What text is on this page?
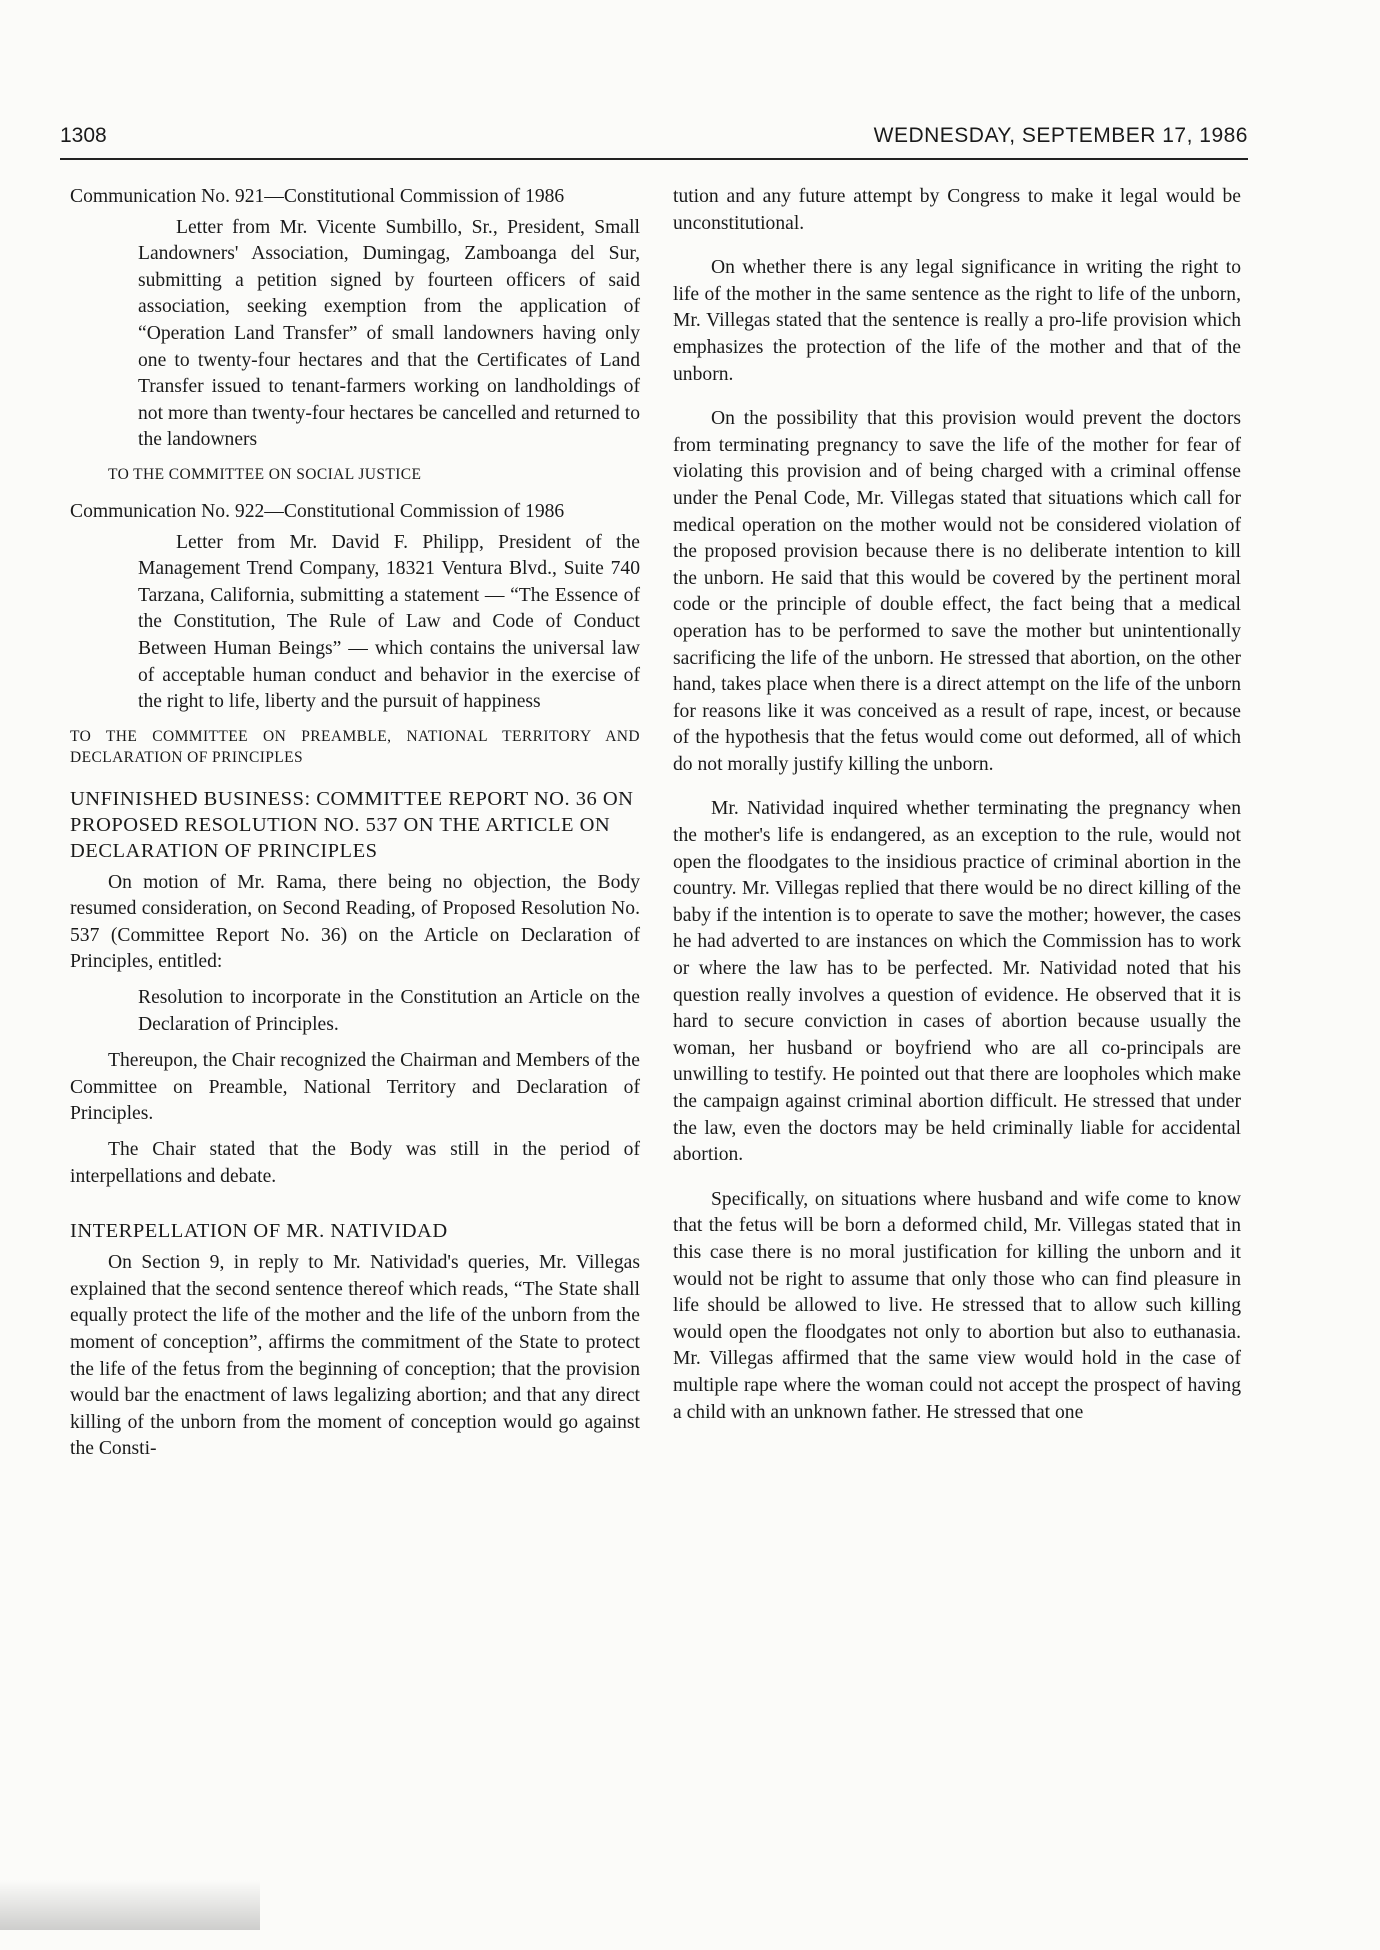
1308	WEDNESDAY, SEPTEMBER 17, 1986

Communication No. 921—Constitutional Commission of 1986

Letter from Mr. Vicente Sumbillo, Sr., President, Small Landowners' Association, Dumingag, Zamboanga del Sur, submitting a petition signed by fourteen officers of said association, seeking exemption from the application of “Operation Land Transfer” of small landowners having only one to twenty-four hectares and that the Certificates of Land Transfer issued to tenant-farmers working on landholdings of not more than twenty-four hectares be cancelled and returned to the landowners

TO THE COMMITTEE ON SOCIAL JUSTICE

Communication No. 922—Constitutional Commission of 1986

Letter from Mr. David F. Philipp, President of the Management Trend Company, 18321 Ventura Blvd., Suite 740 Tarzana, California, submitting a statement — “The Essence of the Constitution, The Rule of Law and Code of Conduct Between Human Beings” — which contains the universal law of acceptable human conduct and behavior in the exercise of the right to life, liberty and the pursuit of happiness

TO THE COMMITTEE ON PREAMBLE, NATIONAL TERRITORY AND DECLARATION OF PRINCIPLES

UNFINISHED BUSINESS: COMMITTEE REPORT NO. 36 ON PROPOSED RESOLUTION NO. 537 ON THE ARTICLE ON DECLARATION OF PRINCIPLES

On motion of Mr. Rama, there being no objection, the Body resumed consideration, on Second Reading, of Proposed Resolution No. 537 (Committee Report No. 36) on the Article on Declaration of Principles, entitled:

Resolution to incorporate in the Constitution an Article on the Declaration of Principles.

Thereupon, the Chair recognized the Chairman and Members of the Committee on Preamble, National Territory and Declaration of Principles.

The Chair stated that the Body was still in the period of interpellations and debate.

INTERPELLATION OF MR. NATIVIDAD

On Section 9, in reply to Mr. Natividad's queries, Mr. Villegas explained that the second sentence thereof which reads, “The State shall equally protect the life of the mother and the life of the unborn from the moment of conception”, affirms the commitment of the State to protect the life of the fetus from the beginning of conception; that the provision would bar the enactment of laws legalizing abortion; and that any direct killing of the unborn from the moment of conception would go against the Consti-

tution and any future attempt by Congress to make it legal would be unconstitutional.

On whether there is any legal significance in writing the right to life of the mother in the same sentence as the right to life of the unborn, Mr. Villegas stated that the sentence is really a pro-life provision which emphasizes the protection of the life of the mother and that of the unborn.

On the possibility that this provision would prevent the doctors from terminating pregnancy to save the life of the mother for fear of violating this provision and of being charged with a criminal offense under the Penal Code, Mr. Villegas stated that situations which call for medical operation on the mother would not be considered violation of the proposed provision because there is no deliberate intention to kill the unborn. He said that this would be covered by the pertinent moral code or the principle of double effect, the fact being that a medical operation has to be performed to save the mother but unintentionally sacrificing the life of the unborn. He stressed that abortion, on the other hand, takes place when there is a direct attempt on the life of the unborn for reasons like it was conceived as a result of rape, incest, or because of the hypothesis that the fetus would come out deformed, all of which do not morally justify killing the unborn.

Mr. Natividad inquired whether terminating the pregnancy when the mother's life is endangered, as an exception to the rule, would not open the floodgates to the insidious practice of criminal abortion in the country. Mr. Villegas replied that there would be no direct killing of the baby if the intention is to operate to save the mother; however, the cases he had adverted to are instances on which the Commission has to work or where the law has to be perfected. Mr. Natividad noted that his question really involves a question of evidence. He observed that it is hard to secure conviction in cases of abortion because usually the woman, her husband or boyfriend who are all co-principals are unwilling to testify. He pointed out that there are loopholes which make the campaign against criminal abortion difficult. He stressed that under the law, even the doctors may be held criminally liable for accidental abortion.

Specifically, on situations where husband and wife come to know that the fetus will be born a deformed child, Mr. Villegas stated that in this case there is no moral justification for killing the unborn and it would not be right to assume that only those who can find pleasure in life should be allowed to live. He stressed that to allow such killing would open the floodgates not only to abortion but also to euthanasia. Mr. Villegas affirmed that the same view would hold in the case of multiple rape where the woman could not accept the prospect of having a child with an unknown father. He stressed that one
